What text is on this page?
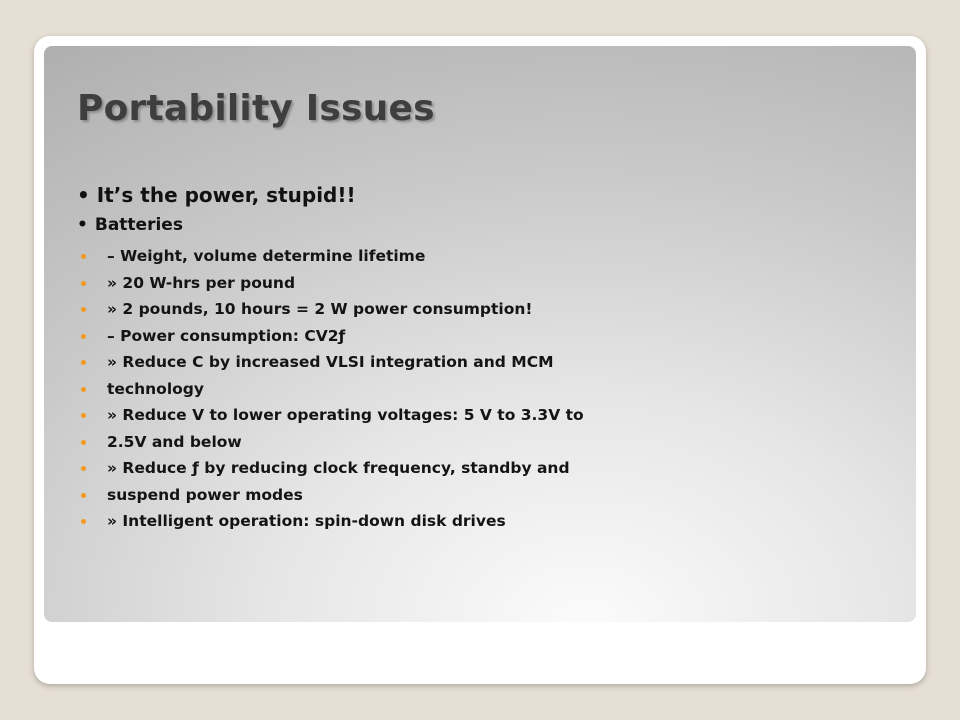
Portability Issues
• It’s the power, stupid!!
• Batteries
– Weight, volume determine lifetime
» 20 W-hrs per pound
» 2 pounds, 10 hours = 2 W power consumption!
– Power consumption: CV2ƒ
» Reduce C by increased VLSI integration and MCM
technology
» Reduce V to lower operating voltages: 5 V to 3.3V to
2.5V and below
» Reduce ƒ by reducing clock frequency, standby and
suspend power modes
» Intelligent operation: spin-down disk drives
